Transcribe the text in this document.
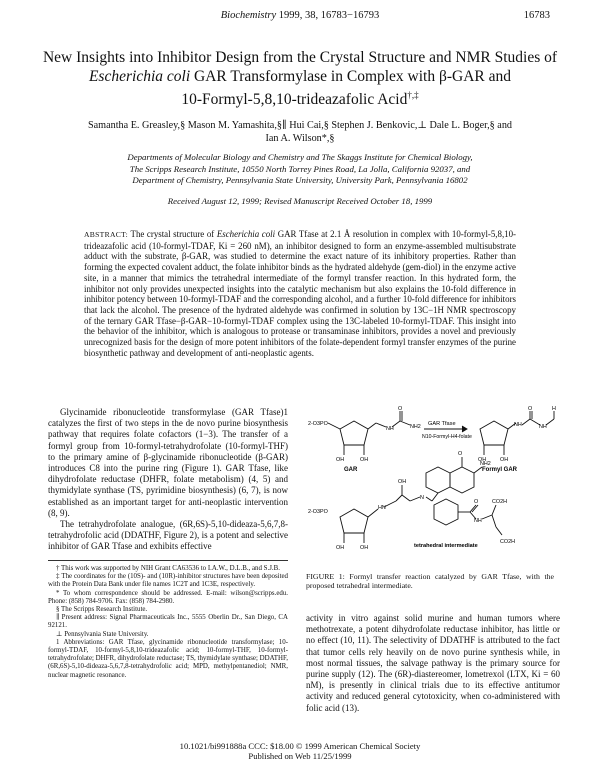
Biochemistry 1999, 38, 16783−16793	16783
New Insights into Inhibitor Design from the Crystal Structure and NMR Studies of
Escherichia coli GAR Transformylase in Complex with β-GAR and
10-Formyl-5,8,10-trideazafolic Acid†,‡
Samantha E. Greasley,§ Mason M. Yamashita,§∥ Hui Cai,§ Stephen J. Benkovic,⊥ Dale L. Boger,§ and
Ian A. Wilson*,§
Departments of Molecular Biology and Chemistry and The Skaggs Institute for Chemical Biology,
The Scripps Research Institute, 10550 North Torrey Pines Road, La Jolla, California 92037, and
Department of Chemistry, Pennsylvania State University, University Park, Pennsylvania 16802
Received August 12, 1999; Revised Manuscript Received October 18, 1999
ABSTRACT: The crystal structure of Escherichia coli GAR Tfase at 2.1 Å resolution in complex with 10-formyl-5,8,10-trideazafolic acid (10-formyl-TDAF, Ki = 260 nM), an inhibitor designed to form an enzyme-assembled multisubstrate adduct with the substrate, β-GAR, was studied to determine the exact nature of its inhibitory properties. Rather than forming the expected covalent adduct, the folate inhibitor binds as the hydrated aldehyde (gem-diol) in the enzyme active site, in a manner that mimics the tetrahedral intermediate of the formyl transfer reaction. In this hydrated form, the inhibitor not only provides unexpected insights into the catalytic mechanism but also explains the 10-fold difference in inhibitor potency between 10-formyl-TDAF and the corresponding alcohol, and a further 10-fold difference for inhibitors that lack the alcohol. The presence of the hydrated aldehyde was confirmed in solution by 13C−1H NMR spectroscopy of the ternary GAR Tfase−β-GAR−10-formyl-TDAF complex using the 13C-labeled 10-formyl-TDAF. This insight into the behavior of the inhibitor, which is analogous to protease or transaminase inhibitors, provides a novel and previously unrecognized basis for the design of more potent inhibitors of the folate-dependent formyl transfer enzymes of the purine biosynthetic pathway and development of anti-neoplastic agents.

Glycinamide ribonucleotide transformylase (GAR Tfase)1 catalyzes the first of two steps in the de novo purine biosynthesis pathway that requires folate cofactors (1−3). The transfer of a formyl group from 10-formyl-tetrahydrofolate (10-formyl-THF) to the primary amine of β-glycinamide ribonucleotide (β-GAR) introduces C8 into the purine ring (Figure 1). GAR Tfase, like dihydrofolate reductase (DHFR, folate metabolism) (4, 5) and thymidylate synthase (TS, pyrimidine biosynthesis) (6, 7), is now established as an important target for anti-neoplastic intervention (8, 9).

The tetrahydrofolate analogue, (6R,6S)-5,10-dideaza-5,6,7,8-tetrahydrofolic acid (DDATHF, Figure 2), is a potent and selective inhibitor of GAR Tfase and exhibits effective

† This work was supported by NIH Grant CA63536 to I.A.W., D.L.B., and S.J.B.

‡ The coordinates for the (10S)- and (10R)-inhibitor structures have been deposited with the Protein Data Bank under file names 1C2T and 1C3E, respectively.

* To whom correspondence should be addressed. E-mail: wilson@scripps.edu. Phone: (858) 784-9706. Fax: (858) 784-2980.

§ The Scripps Research Institute.

∥ Present address: Signal Pharmaceuticals Inc., 5555 Oberlin Dr., San Diego, CA 92121.

⊥ Pennsylvania State University.

1 Abbreviations: GAR Tfase, glycinamide ribonucleotide transformylase; 10-formyl-TDAF, 10-formyl-5,8,10-trideazafolic acid; 10-formyl-THF, 10-formyl-tetrahydrofolate; DHFR, dihydrofolate reductase; TS, thymidylate synthase; DDATHF, (6R,6S)-5,10-dideaza-5,6,7,8-tetrahydrofolic acid; MPD, methylpentanediol; NMR, nuclear magnetic resonance.

2-O3PO
NH
O
NH2
OH	OH
GAR
GAR Tfase
N10-Formyl-H4-folate
NH
O
NH
H
OH	OH
Formyl GAR
2-O3PO
HN
OH
NH2
O
N
O
NH
CO2H
CO2H
OH	OH	tetrahedral intermediate
FIGURE 1: Formyl transfer reaction catalyzed by GAR Tfase, with the proposed tetrahedral intermediate.
activity in vitro against solid murine and human tumors where methotrexate, a potent dihydrofolate reductase inhibitor, has little or no effect (10, 11). The selectivity of DDATHF is attributed to the fact that tumor cells rely heavily on de novo purine synthesis while, in most normal tissues, the salvage pathway is the primary source for purine supply (12). The (6R)-diastereomer, lometrexol (LTX, Ki = 60 nM), is presently in clinical trials due to its effective antitumor activity and reduced general cytotoxicity, when co-administered with folic acid (13).
10.1021/bi991888a CCC: $18.00 © 1999 American Chemical Society
Published on Web 11/25/1999
